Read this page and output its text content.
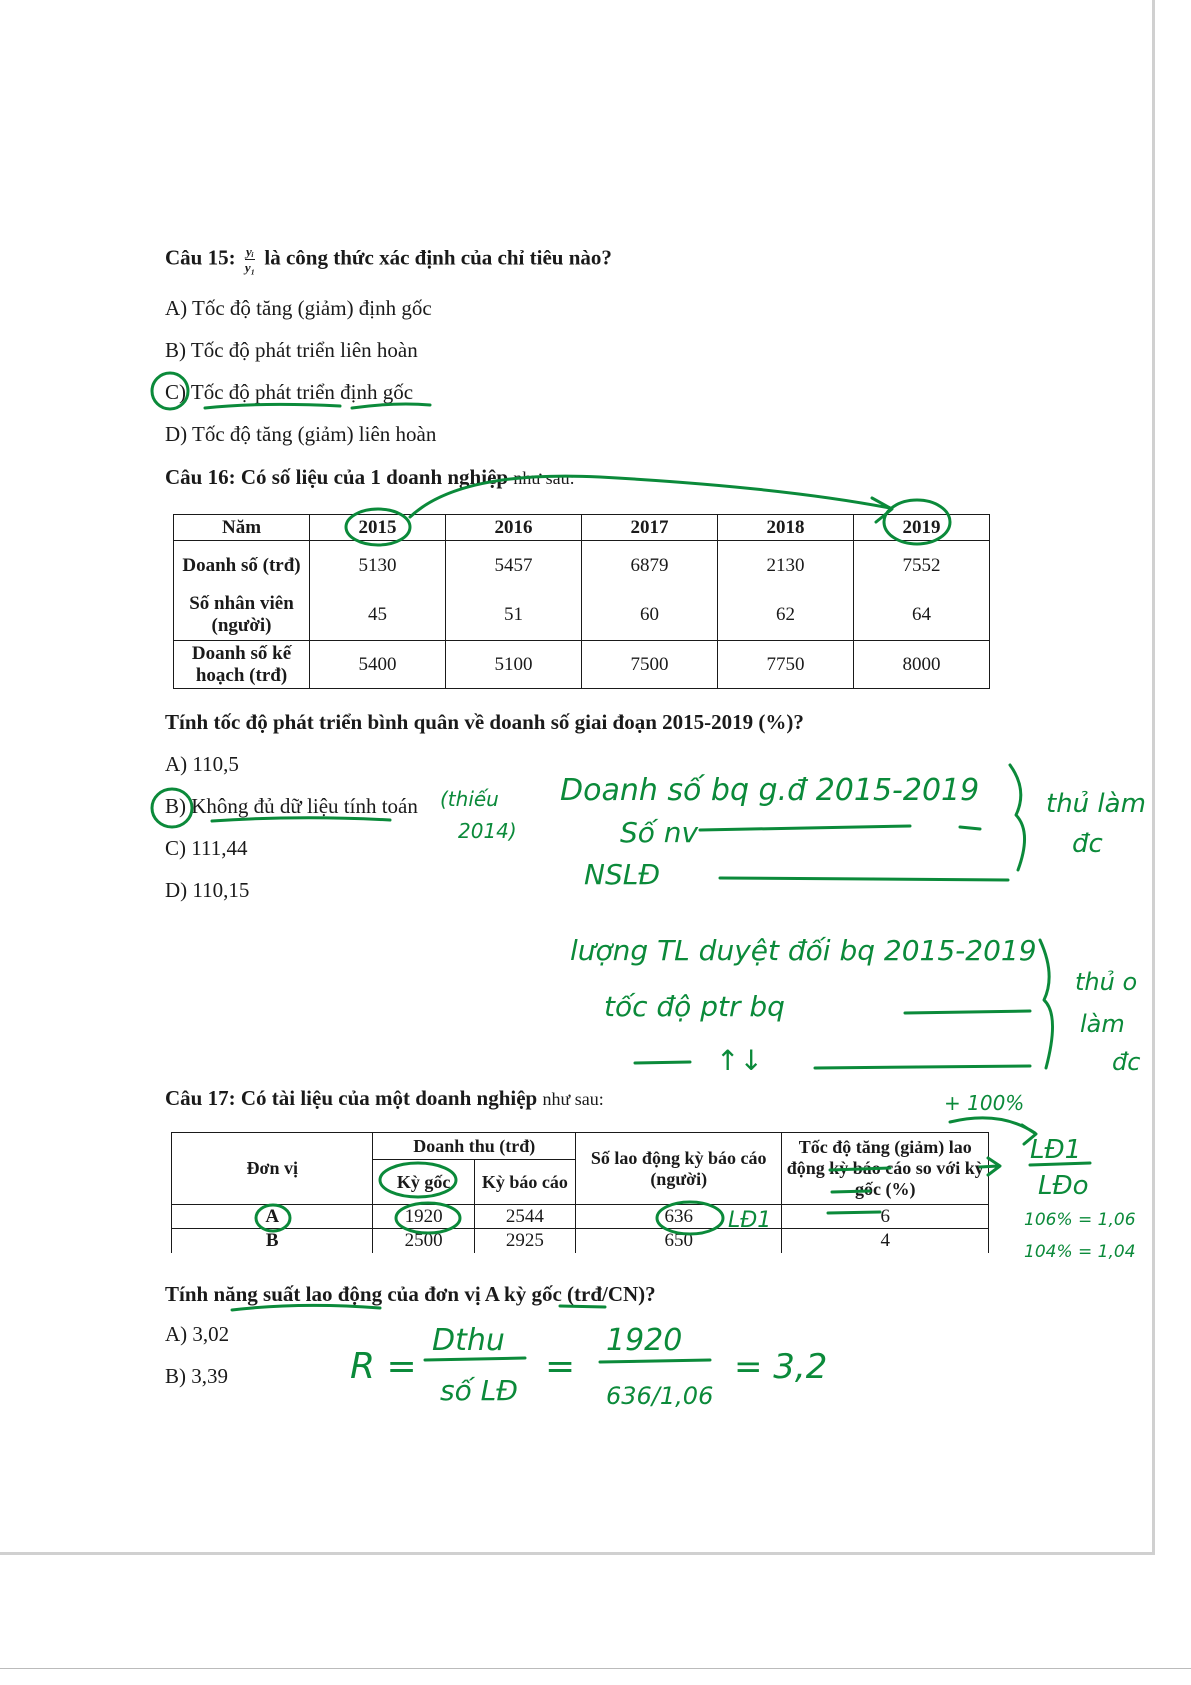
Câu 15: $\frac{\text{yᵢ}}{\text{y₁}}$ là công thức xác định của chỉ tiêu nào?
A) Tốc độ tăng (giảm) định gốc
B) Tốc độ phát triển liên hoàn
C) Tốc độ phát triển định gốc
D) Tốc độ tăng (giảm) liên hoàn
Câu 16: Có số liệu của 1 doanh nghiệp như sau:
Năm	2015	2016	2017	2018	2019
Doanh số (trđ)	5130	5457	6879	2130	7552
Số nhân viên (người)	45	51	60	62	64
Doanh số kế hoạch (trđ)	5400	5100	7500	7750	8000
Tính tốc độ phát triển bình quân về doanh số giai đoạn 2015-2019 (%)?
A) 110,5
B) Không đủ dữ liệu tính toán
C) 111,44
D) 110,15
Câu 17: Có tài liệu của một doanh nghiệp như sau:
Đơn vị	Doanh thu (trđ)		Số lao động kỳ báo cáo (người)	Tốc độ tăng (giảm) lao động kỳ báo cáo so với kỳ gốc (%)
	Kỳ gốc	Kỳ báo cáo		
A	1920	2544	636	6
B	2500	2925	650	4
Tính năng suất lao động của đơn vị A kỳ gốc (trđ/CN)?
A) 3,02
B) 3,39
(thiếu
2014)
Doanh số bq g.đ 2015-2019
Số nv
NSLĐ
thủ làm
đc
lượng TL duyệt đối bq 2015-2019
tốc độ ptr bq
↑↓
thủ o
làm
đc
+ 100%
LĐ1
LĐo
106% = 1,06
104% = 1,04
LĐ1
R =
Dthu
số LĐ
=
1920
636/1,06
= 3,2
